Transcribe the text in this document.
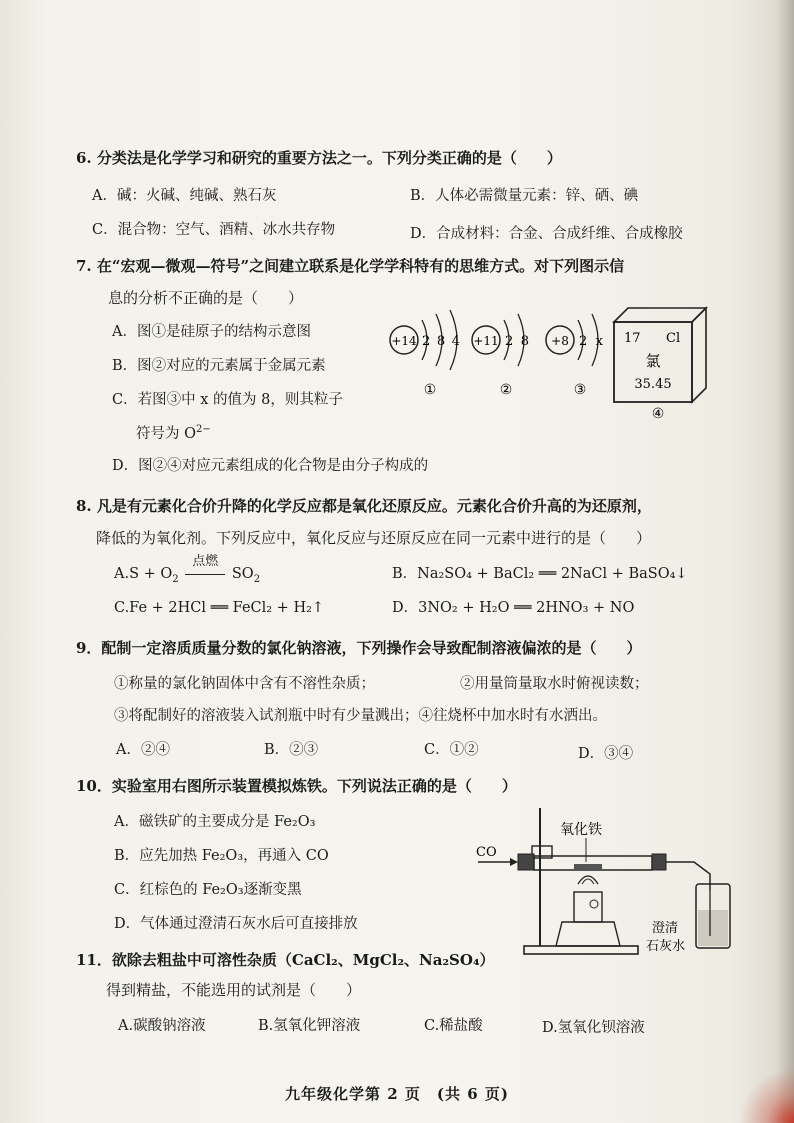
6. 分类法是化学学习和研究的重要方法之一。下列分类正确的是（　　）
A．碱：火碱、纯碱、熟石灰	B．人体必需微量元素：锌、硒、碘
C．混合物：空气、酒精、冰水共存物	D．合成材料：合金、合成纤维、合成橡胶
7. 在“宏观—微观—符号”之间建立联系是化学学科特有的思维方式。对下列图示信
息的分析不正确的是（　　）
A．图①是硅原子的结构示意图
B．图②对应的元素属于金属元素
C．若图③中 x 的值为 8，则其粒子
符号为 $O^{2-}$
D．图②④对应元素组成的化合物是由分子构成的
+14 2 8 4
①
+11 2 8
②
+8 2 x
③
17 Cl
氯
35.45
④
8. 凡是有元素化合价升降的化学反应都是氧化还原反应。元素化合价升高的为还原剂，
降低的为氧化剂。下列反应中，氧化反应与还原反应在同一元素中进行的是（　　）
$A.S + O_2$
点燃
$SO_2$	B．Na₂SO₄ + BaCl₂ ══ 2NaCl + BaSO₄↓
C.Fe + 2HCl ══ FeCl₂ + H₂↑	D．3NO₂ + H₂O ══ 2HNO₃ + NO
9．配制一定溶质质量分数的氯化钠溶液，下列操作会导致配制溶液偏浓的是（　　）
①称量的氯化钠固体中含有不溶性杂质；	②用量筒量取水时俯视读数；
③将配制好的溶液装入试剂瓶中时有少量溅出；④往烧杯中加水时有水洒出。
A．②④	B．②③	C．①②	D．③④
10．实验室用右图所示装置模拟炼铁。下列说法正确的是（　　）
A．磁铁矿的主要成分是 Fe₂O₃
B．应先加热 Fe₂O₃，再通入 CO
C．红棕色的 Fe₂O₃逐渐变黑
D．气体通过澄清石灰水后可直接排放
CO
氧化铁
澄清
石灰水
11．欲除去粗盐中可溶性杂质（CaCl₂、MgCl₂、Na₂SO₄）
得到精盐，不能选用的试剂是（　　）
A.碳酸钠溶液	B.氢氧化钾溶液	C.稀盐酸	D.氢氧化钡溶液
九年级化学第 2 页　(共 6 页)
